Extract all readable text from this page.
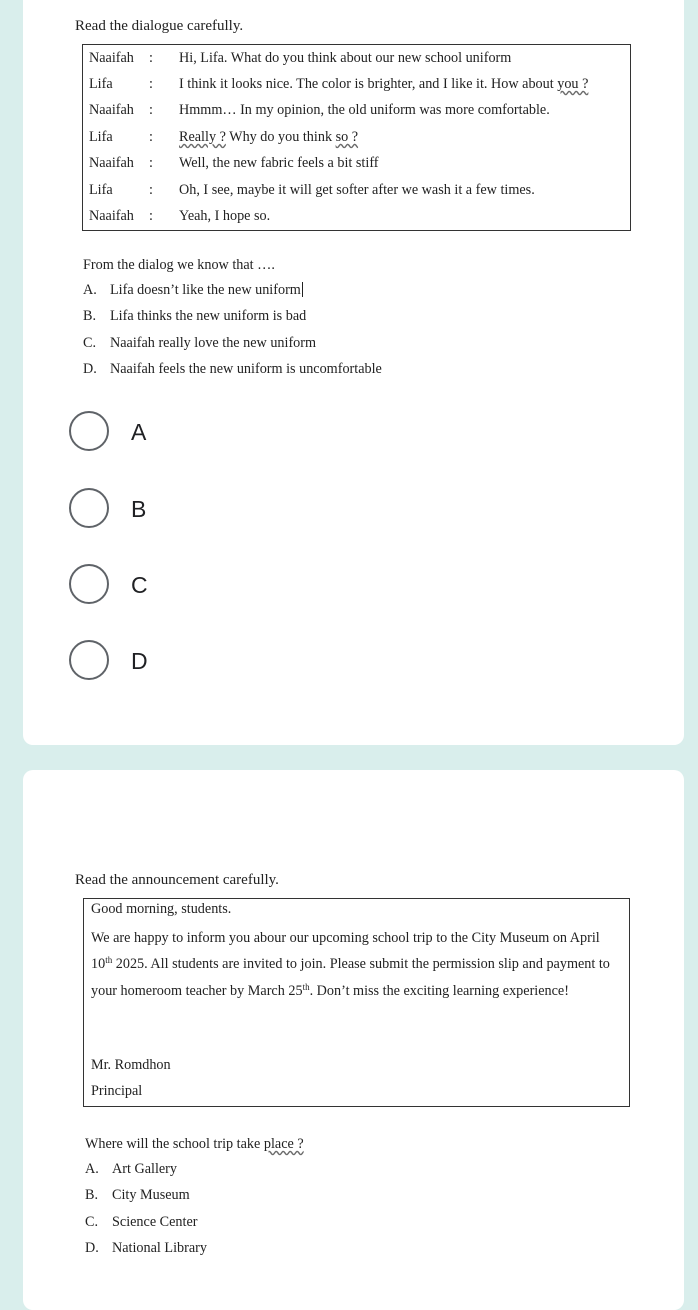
Read the dialogue carefully.
Naaifah	:	Hi, Lifa. What do you think about our new school uniform
Lifa	:	I think it looks nice. The color is brighter, and I like it. How about you ?
Naaifah	:	Hmmm… In my opinion, the old uniform was more comfortable.
Lifa	:	Really ? Why do you think so ?
Naaifah	:	Well, the new fabric feels a bit stiff
Lifa	:	Oh, I see, maybe it will get softer after we wash it a few times.
Naaifah	:	Yeah, I hope so.
From the dialog we know that ….
A. Lifa doesn’t like the new uniform
B. Lifa thinks the new uniform is bad
C. Naaifah really love the new uniform
D. Naaifah feels the new uniform is uncomfortable
A
B
C
D
Read the announcement carefully.

Good morning, students.

We are happy to inform you abour our upcoming school trip to the City Museum on April 10th 2025. All students are invited to join. Please submit the permission slip and payment to your homeroom teacher by March 25th. Don’t miss the exciting learning experience!

Mr. Romdhon

Principal

Where will the school trip take place ?
A. Art Gallery
B. City Museum
C. Science Center
D. National Library
